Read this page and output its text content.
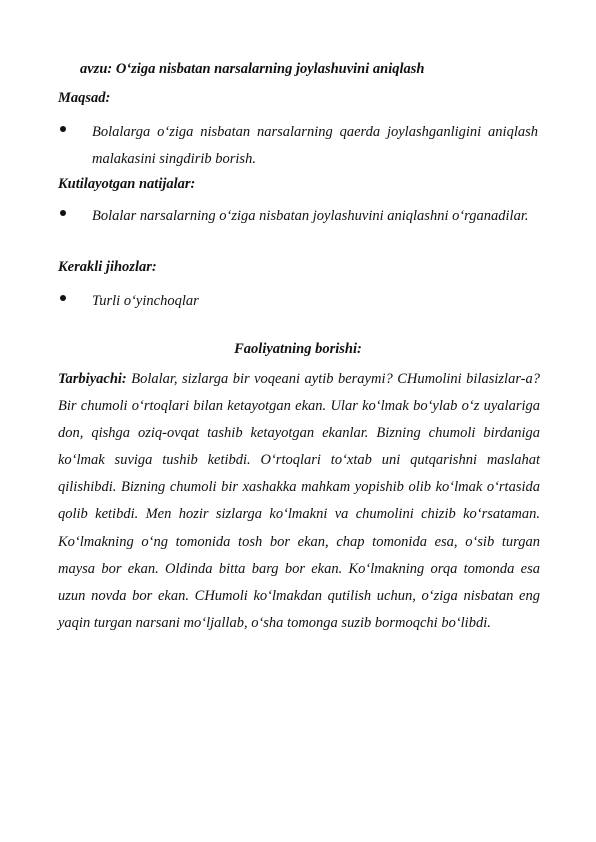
avzu: O‘ziga nisbatan narsalarning joylashuvini aniqlash
Maqsad:
Bolalarga o‘ziga nisbatan narsalarning qaerda joylashganligini aniqlash malakasini singdirib borish.
Kutilayotgan natijalar:
Bolalar narsalarning o‘ziga nisbatan joylashuvini aniqlashni o‘rganadilar.
Kerakli jihozlar:
Turli o‘yinchoqlar
Faoliyatning borishi:
Tarbiyachi: Bolalar, sizlarga bir voqeani aytib beraymi? CHumolini bilasizlar-a? Bir chumoli o‘rtoqlari bilan ketayotgan ekan. Ular ko‘lmak bo‘ylab o‘z uyalariga don, qishga oziq-ovqat tashib ketayotgan ekanlar. Bizning chumoli birdaniga ko‘lmak suviga tushib ketibdi. O‘rtoqlari to‘xtab uni qutqarishni maslahat qilishibdi. Bizning chumoli bir xashakka mahkam yopishib olib ko‘lmak o‘rtasida qolib ketibdi. Men hozir sizlarga ko‘lmakni va chumolini chizib ko‘rsataman. Ko‘lmakning o‘ng tomonida tosh bor ekan, chap tomonida esa, o‘sib turgan maysa bor ekan. Oldinda bitta barg bor ekan. Ko‘lmakning orqa tomonda esa uzun novda bor ekan. CHumoli ko‘lmakdan qutilish uchun, o‘ziga nisbatan eng yaqin turgan narsani mo‘ljallab, o‘sha tomonga suzib bormoqchi bo‘libdi.
